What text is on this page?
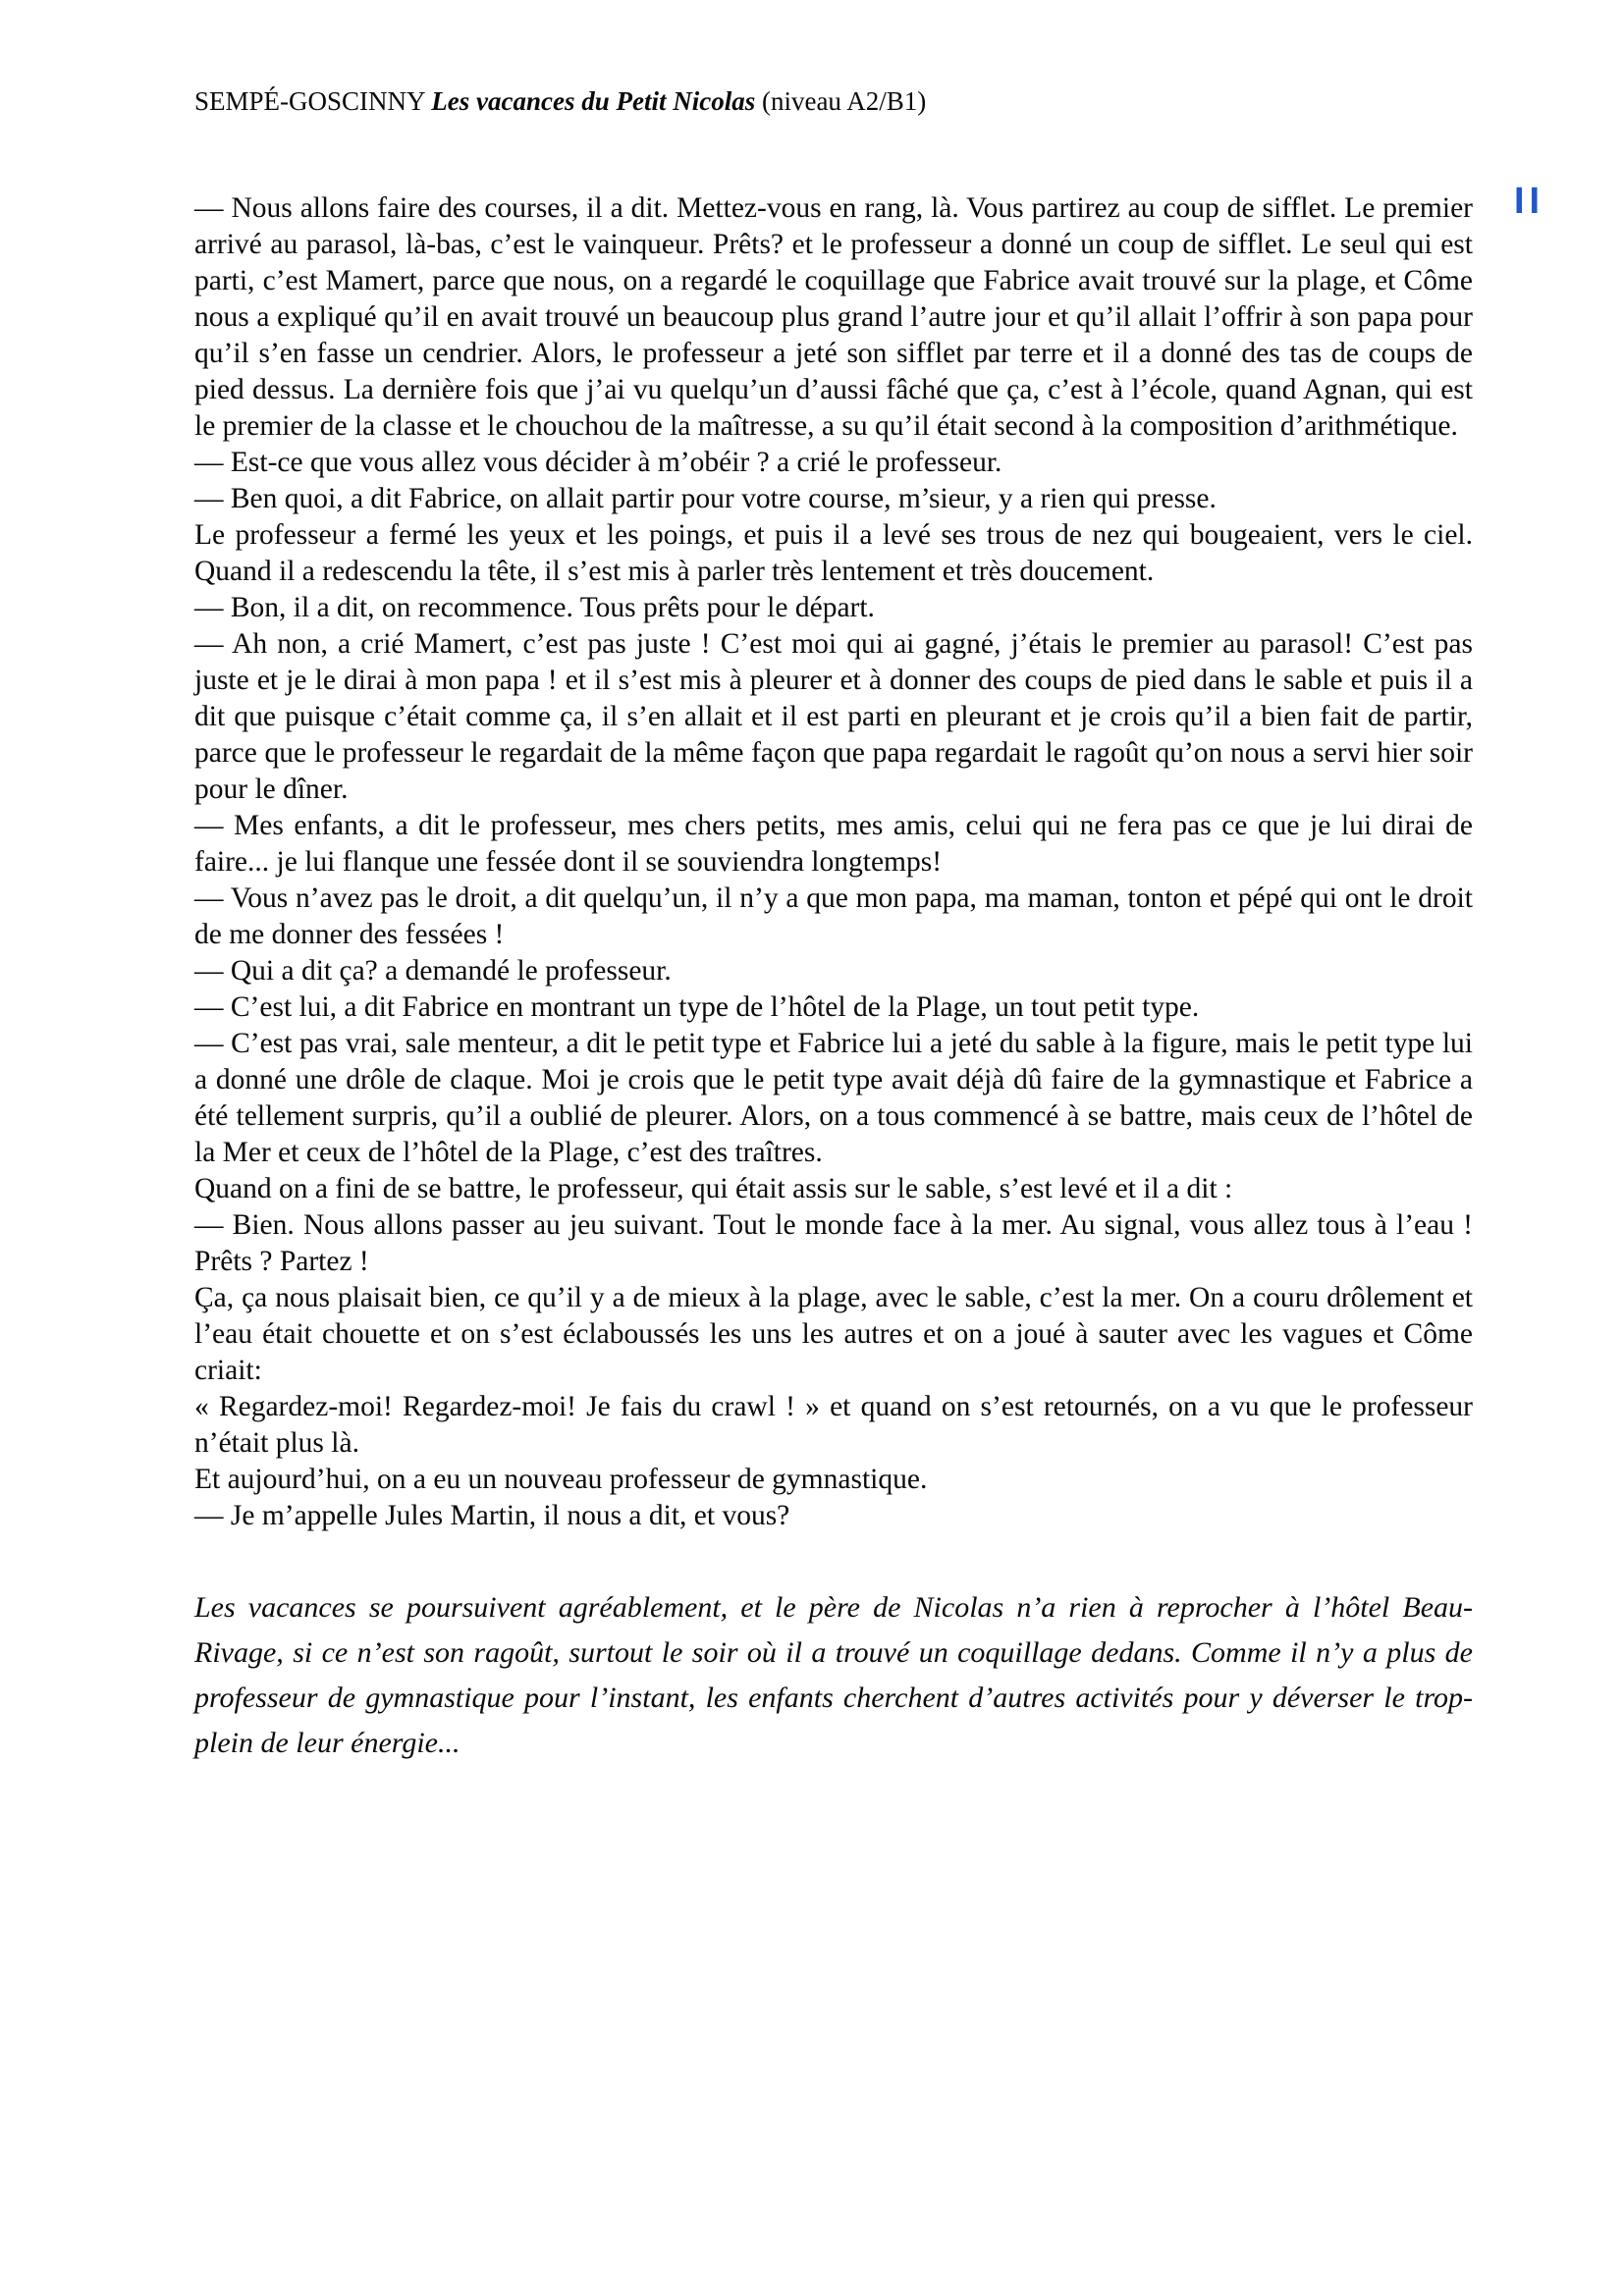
SEMPÉ-GOSCINNY Les vacances du Petit Nicolas (niveau A2/B1)
II

— Nous allons faire des courses, il a dit. Mettez-vous en rang, là. Vous partirez au coup de sifflet. Le premier arrivé au parasol, là-bas, c’est le vainqueur. Prêts? et le professeur a donné un coup de sifflet. Le seul qui est parti, c’est Mamert, parce que nous, on a regardé le coquillage que Fabrice avait trouvé sur la plage, et Côme nous a expliqué qu’il en avait trouvé un beaucoup plus grand l’autre jour et qu’il allait l’offrir à son papa pour qu’il s’en fasse un cendrier. Alors, le professeur a jeté son sifflet par terre et il a donné des tas de coups de pied dessus. La dernière fois que j’ai vu quelqu’un d’aussi fâché que ça, c’est à l’école, quand Agnan, qui est le premier de la classe et le chouchou de la maîtresse, a su qu’il était second à la composition d’arithmétique.

— Est-ce que vous allez vous décider à m’obéir ? a crié le professeur.

— Ben quoi, a dit Fabrice, on allait partir pour votre course, m’sieur, y a rien qui presse.

Le professeur a fermé les yeux et les poings, et puis il a levé ses trous de nez qui bougeaient, vers le ciel. Quand il a redescendu la tête, il s’est mis à parler très lentement et très doucement.

— Bon, il a dit, on recommence. Tous prêts pour le départ.

— Ah non, a crié Mamert, c’est pas juste ! C’est moi qui ai gagné, j’étais le premier au parasol! C’est pas juste et je le dirai à mon papa ! et il s’est mis à pleurer et à donner des coups de pied dans le sable et puis il a dit que puisque c’était comme ça, il s’en allait et il est parti en pleurant et je crois qu’il a bien fait de partir, parce que le professeur le regardait de la même façon que papa regardait le ragoût qu’on nous a servi hier soir pour le dîner.

— Mes enfants, a dit le professeur, mes chers petits, mes amis, celui qui ne fera pas ce que je lui dirai de faire... je lui flanque une fessée dont il se souviendra longtemps!

— Vous n’avez pas le droit, a dit quelqu’un, il n’y a que mon papa, ma maman, tonton et pépé qui ont le droit de me donner des fessées !

— Qui a dit ça? a demandé le professeur.

— C’est lui, a dit Fabrice en montrant un type de l’hôtel de la Plage, un tout petit type.

— C’est pas vrai, sale menteur, a dit le petit type et Fabrice lui a jeté du sable à la figure, mais le petit type lui a donné une drôle de claque. Moi je crois que le petit type avait déjà dû faire de la gymnastique et Fabrice a été tellement surpris, qu’il a oublié de pleurer. Alors, on a tous commencé à se battre, mais ceux de l’hôtel de la Mer et ceux de l’hôtel de la Plage, c’est des traîtres.

Quand on a fini de se battre, le professeur, qui était assis sur le sable, s’est levé et il a dit :

— Bien. Nous allons passer au jeu suivant. Tout le monde face à la mer. Au signal, vous allez tous à l’eau ! Prêts ? Partez !

Ça, ça nous plaisait bien, ce qu’il y a de mieux à la plage, avec le sable, c’est la mer. On a couru drôlement et l’eau était chouette et on s’est éclaboussés les uns les autres et on a joué à sauter avec les vagues et Côme criait:

« Regardez-moi! Regardez-moi! Je fais du crawl ! » et quand on s’est retournés, on a vu que le professeur n’était plus là.

Et aujourd’hui, on a eu un nouveau professeur de gymnastique.

— Je m’appelle Jules Martin, il nous a dit, et vous?

Les vacances se poursuivent agréablement, et le père de Nicolas n’a rien à reprocher à l’hôtel Beau-Rivage, si ce n’est son ragoût, surtout le soir où il a trouvé un coquillage dedans. Comme il n’y a plus de professeur de gymnastique pour l’instant, les enfants cherchent d’autres activités pour y déverser le trop-plein de leur énergie...
